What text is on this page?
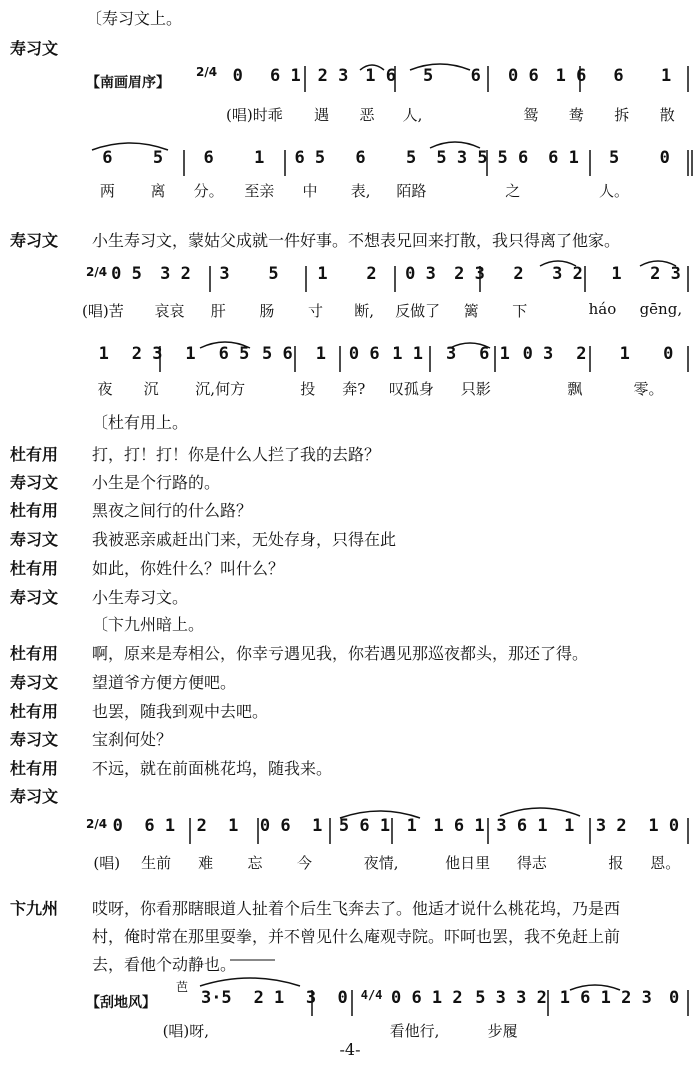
〔寿习文上。
寿习文
【南画眉序】
2/4 0	6 1 2 3 1 6	5	6	0 6 1 6	6	1
(唱)时乖	遇	恶	人,	鸳	鸯	拆	散
6	5	6	1	6 5	6	5	5 3 5 5 6	6 1	5	0
两	离	分。	至亲	中	表,	陌路	之	人。
寿习文 小生寿习文，蒙姑父成就一件好事。不想表兄回来打散，我只得离了他家。
2/4 0 5	3 2	3	5	1	2	0 3	2 3	2	3 2	1	2 3
(唱)苦	哀哀	肝	肠	寸	断,	反做了	篱	下	háo	gēng,
1	2 3	1	6 5 5 6	1	0 6 1 1	3	6 1 0 3	2	1	0
夜	沉	沉,何方	投	奔?	叹孤身	只影	飘	零。
〔杜有用上。
杜有用 打，打！打！你是什么人拦了我的去路？
寿习文 小生是个行路的。
杜有用 黑夜之间行的什么路？
寿习文 我被恶亲戚赶出门来，无处存身，只得在此
杜有用 如此，你姓什么？叫什么？
寿习文 小生寿习文。
〔卞九州暗上。
杜有用 啊，原来是寿相公，你幸亏遇见我，你若遇见那巡夜都头，那还了得。
寿习文 望道爷方便方便吧。
杜有用 也罢，随我到观中去吧。
寿习文 宝刹何处？
杜有用 不远，就在前面桃花坞，随我来。
寿习文
2/4 0	6 1	2	1	0 6	1 5 6 1 1 1 6 1 3 6 1 1	3 2	1 0
(唱)	生前	难	忘	今	夜情,	他日里	得志	报	恩。
卞九州 哎呀，你看那瞎眼道人扯着个后生飞奔去了。他适才说什么桃花坞，乃是西
村，俺时常在那里耍拳，并不曾见什么庵观寺院。吓呵也罢，我不免赶上前
去，看他个动静也。
【刮地风】
芭
3·5	2 1	3	0	4/4 0 6 1 2 5 3 3 2 1 6 1 2 3	0
(唱)呀,	看他行,	步履
-4-
